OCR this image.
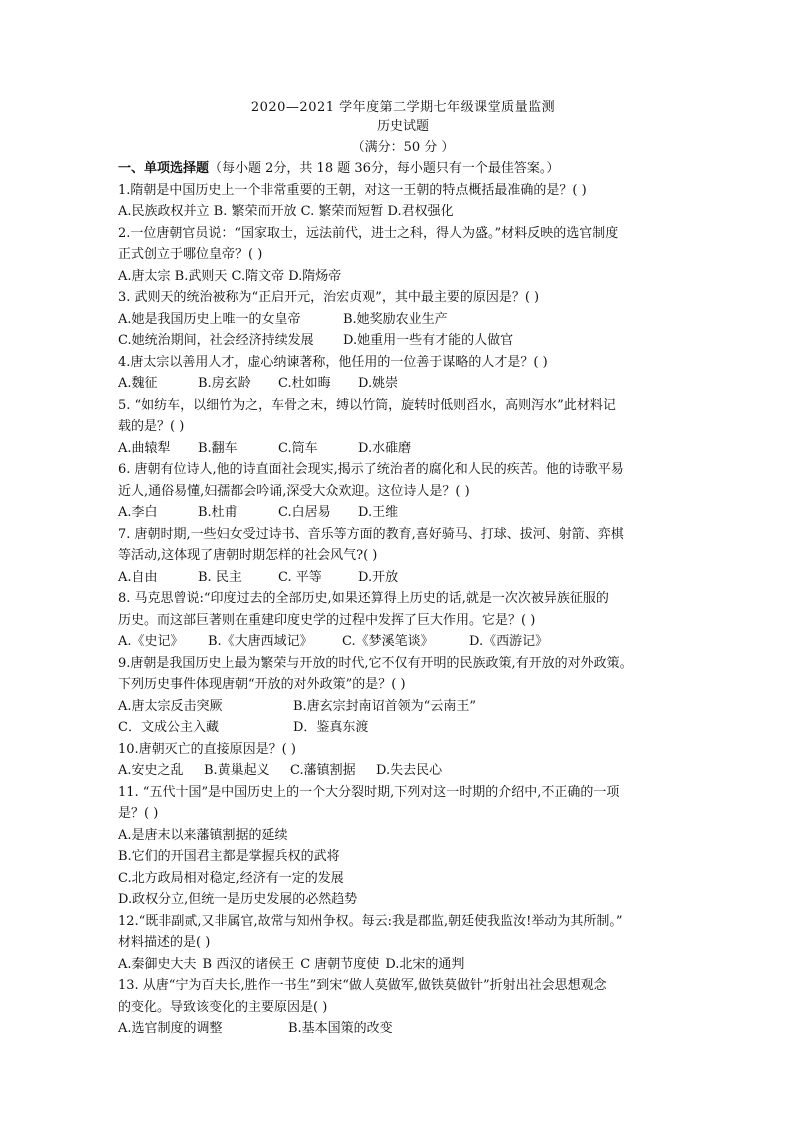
2020—2021 学年度第二学期七年级课堂质量监测
历史试题
（满分：50 分 ）
一、单项选择题（每小题 2分，共 18 题 36分，每小题只有一个最佳答案。）
1.隋朝是中国历史上一个非常重要的王朝，对这一王朝的特点概括最准确的是？( )
A.民族政权并立 B. 繁荣而开放 C. 繁荣而短暂 D.君权强化
2.一位唐朝官员说：“国家取士，远法前代，进士之科，得人为盛。”材料反映的选官制度
正式创立于哪位皇帝？( )
A.唐太宗 B.武则天 C.隋文帝 D.隋炀帝
3. 武则天的统治被称为“正启开元，治宏贞观”，其中最主要的原因是？( )
A.她是我国历史上唯一的女皇帝	B.她奖励农业生产
C.她统治期间，社会经济持续发展	D.她重用一些有才能的人做官
4.唐太宗以善用人才，虚心纳谏著称，他任用的一位善于谋略的人才是？( )
A.魏征	B.房玄龄	C.杜如晦	D.姚崇
5. “如纺车，以细竹为之，车骨之末，缚以竹筒，旋转时低则舀水，高则泻水”此材料记
载的是？( )
A.曲辕犁	B.翻车	C.筒车	D.水碓磨
6. 唐朝有位诗人,他的诗直面社会现实,揭示了统治者的腐化和人民的疾苦。他的诗歌平易
近人,通俗易懂,妇孺都会吟诵,深受大众欢迎。这位诗人是？( )
A.李白	B.杜甫	C.白居易	D.王维
7. 唐朝时期,一些妇女受过诗书、音乐等方面的教育,喜好骑马、打球、拔河、射箭、弈棋
等活动,这体现了唐朝时期怎样的社会风气?( )
A.自由	B. 民主	C. 平等	D.开放
8. 马克思曾说:“印度过去的全部历史,如果还算得上历史的话,就是一次次被异族征服的
历史。而这部巨著则在重建印度史学的过程中发挥了巨大作用。它是？( )
A.《史记》	B.《大唐西域记》	C.《梦溪笔谈》	D.《西游记》
9.唐朝是我国历史上最为繁荣与开放的时代,它不仅有开明的民族政策,有开放的对外政策。
下列历史事件体现唐朝“开放的对外政策”的是？( )
A.唐太宗反击突厥	B.唐玄宗封南诏首领为“云南王”
C．文成公主入藏	D．鉴真东渡
10.唐朝灭亡的直接原因是？( )
A.安史之乱	B.黄巢起义	C.藩镇割据	D.失去民心
11. “五代十国”是中国历史上的一个大分裂时期,下列对这一时期的介绍中,不正确的一项
是？( )
A.是唐末以来藩镇割据的延续
B.它们的开国君主都是掌握兵权的武将
C.北方政局相对稳定,经济有一定的发展
D.政权分立,但统一是历史发展的必然趋势
12.“既非副贰,又非属官,故常与知州争权。每云:我是郡监,朝廷使我监汝!举动为其所制。”
材料描述的是( )
A.秦御史大夫 B 西汉的诸侯王 C 唐朝节度使 D.北宋的通判
13. 从唐“宁为百夫长,胜作一书生”到宋“做人莫做军,做铁莫做针”折射出社会思想观念
的变化。导致该变化的主要原因是( )
A.选官制度的调整	B.基本国策的改变
